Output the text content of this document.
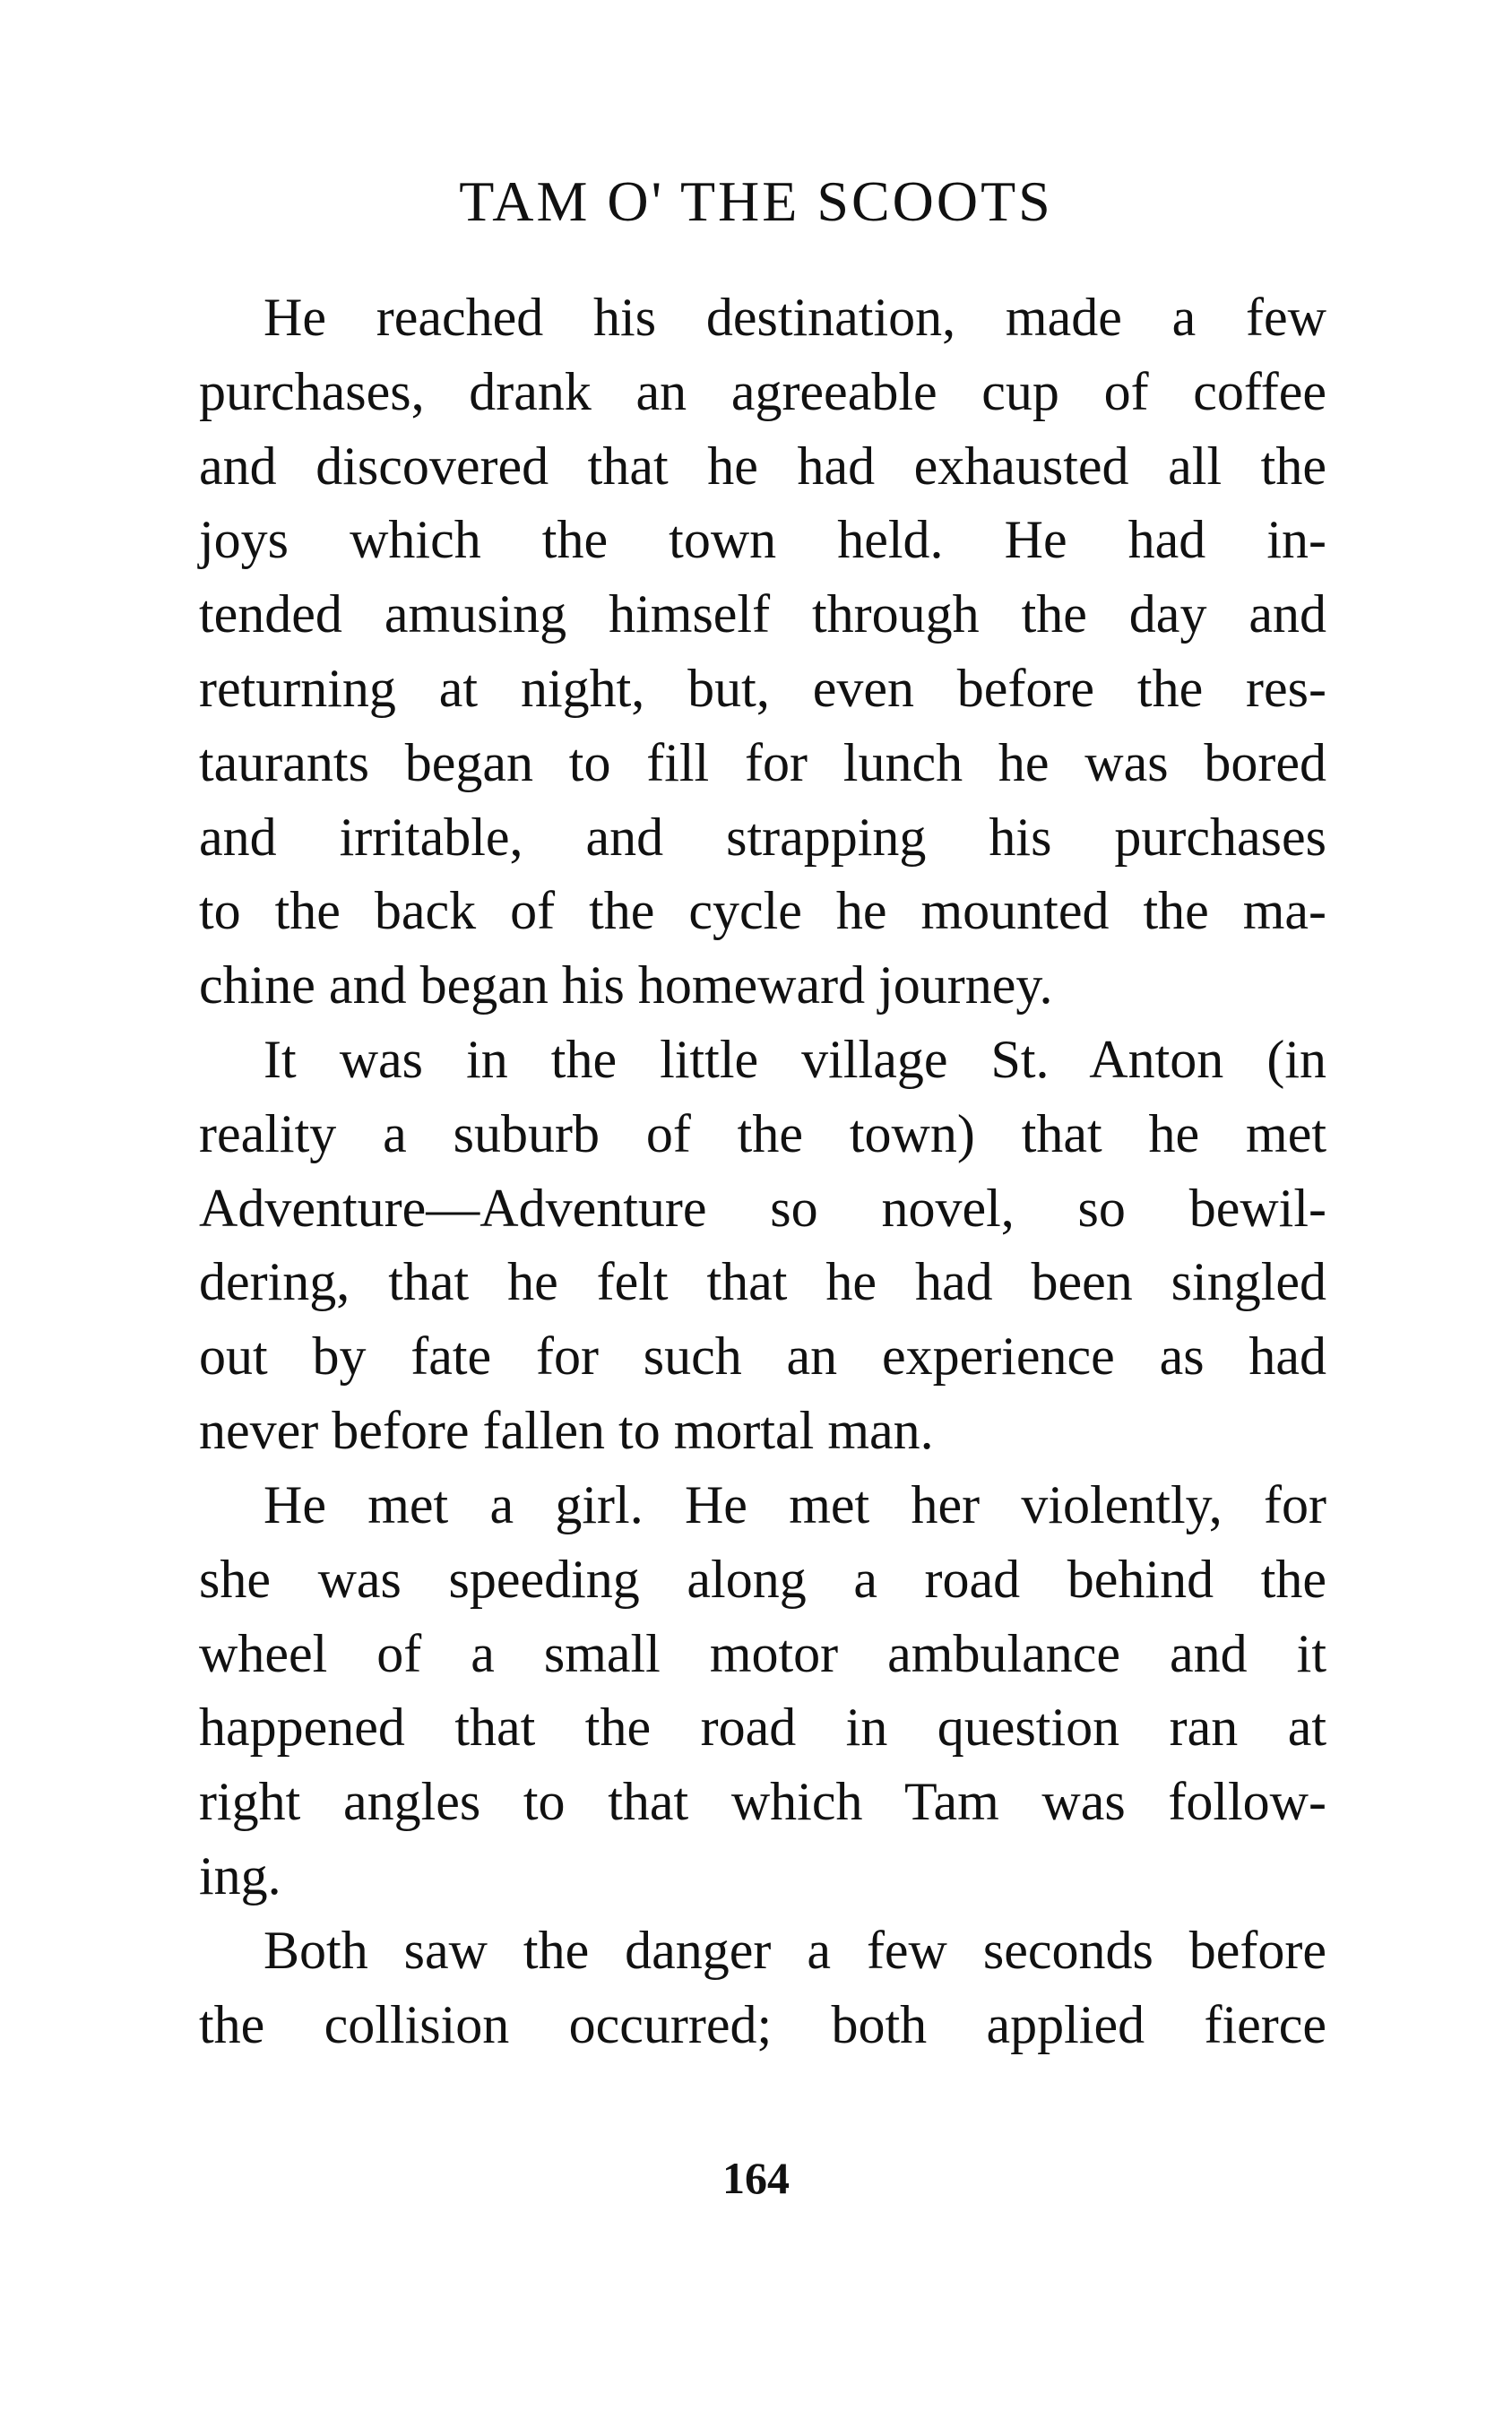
TAM O' THE SCOOTS
He reached his destination, made a few
purchases, drank an agreeable cup of coffee
and discovered that he had exhausted all the
joys which the town held. He had in-
tended amusing himself through the day and
returning at night, but, even before the res-
taurants began to fill for lunch he was bored
and irritable, and strapping his purchases
to the back of the cycle he mounted the ma-
chine and began his homeward journey.
It was in the little village St. Anton (in
reality a suburb of the town) that he met
Adventure—Adventure so novel, so bewil-
dering, that he felt that he had been singled
out by fate for such an experience as had
never before fallen to mortal man.
He met a girl. He met her violently, for
she was speeding along a road behind the
wheel of a small motor ambulance and it
happened that the road in question ran at
right angles to that which Tam was follow-
ing.
Both saw the danger a few seconds before
the collision occurred; both applied fierce
164
